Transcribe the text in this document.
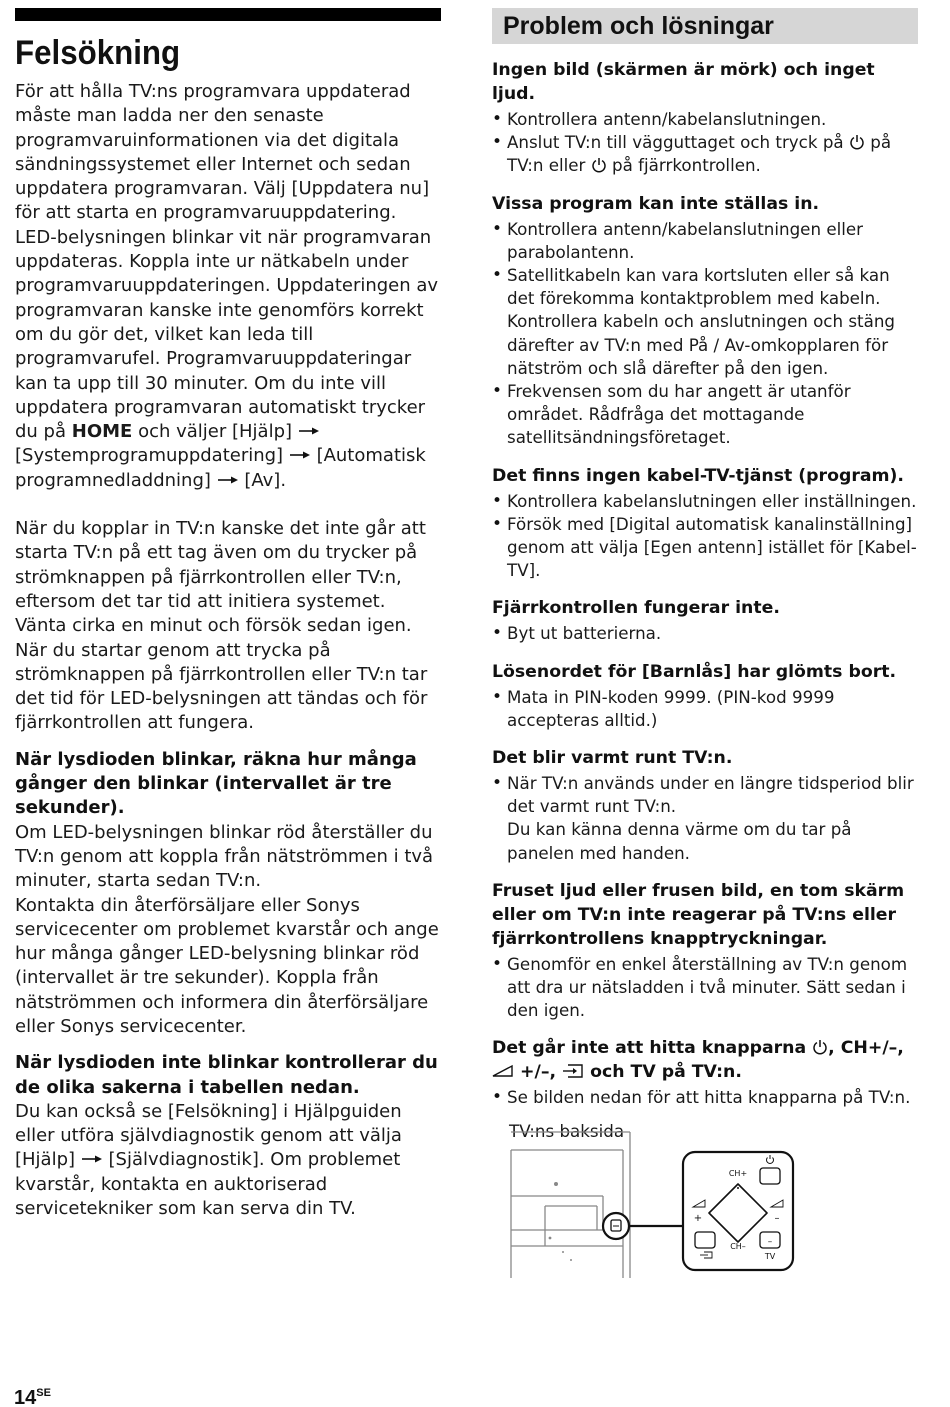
Felsökning

För att hålla TV:ns programvara uppdaterad måste man ladda ner den senaste programvaruinformationen via det digitala sändningssystemet eller Internet och sedan uppdatera programvaran. Välj [Uppdatera nu] för att starta en programvaruuppdatering. LED-belysningen blinkar vit när programvaran uppdateras. Koppla inte ur nätkabeln under programvaruuppdateringen. Uppdateringen av programvaran kanske inte genomförs korrekt om du gör det, vilket kan leda till programvarufel. Programvaruuppdateringar kan ta upp till 30 minuter. Om du inte vill uppdatera programvaran automatiskt trycker du på HOME och väljer [Hjälp]  [Systemprogramuppdatering] [Automatisk programnedladdning] [Av].

När du kopplar in TV:n kanske det inte går att starta TV:n på ett tag även om du trycker på strömknappen på fjärrkontrollen eller TV:n, eftersom det tar tid att initiera systemet. Vänta cirka en minut och försök sedan igen. När du startar genom att trycka på strömknappen på fjärrkontrollen eller TV:n tar det tid för LED-belysningen att tändas och för fjärrkontrollen att fungera.

När lysdioden blinkar, räkna hur många gånger den blinkar (intervallet är tre sekunder).

Om LED-belysningen blinkar röd återställer du TV:n genom att koppla från nätströmmen i två minuter, starta sedan TV:n.
Kontakta din återförsäljare eller Sonys servicecenter om problemet kvarstår och ange hur många gånger LED-belysning blinkar röd (intervallet är tre sekunder). Koppla från nätströmmen och informera din återförsäljare eller Sonys servicecenter.

När lysdioden inte blinkar kontrollerar du de olika sakerna i tabellen nedan.

Du kan också se [Felsökning] i Hjälpguiden eller utföra självdiagnostik genom att välja [Hjälp] [Självdiagnostik]. Om problemet kvarstår, kontakta en auktoriserad servicetekniker som kan serva din TV.

Problem och lösningar
Ingen bild (skärmen är mörk) och inget ljud.
• Kontrollera antenn/kabelanslutningen.
• Anslut TV:n till vägguttaget och tryck på på TV:n eller på fjärrkontrollen.
Vissa program kan inte ställas in.
• Kontrollera antenn/kabelanslutningen eller parabolantenn.
• Satellitkabeln kan vara kortsluten eller så kan det förekomma kontaktproblem med kabeln. Kontrollera kabeln och anslutningen och stäng därefter av TV:n med På / Av-omkopplaren för nätström och slå därefter på den igen.
• Frekvensen som du har angett är utanför området. Rådfråga det mottagande satellitsändningsföretaget.
Det finns ingen kabel-TV-tjänst (program).
• Kontrollera kabelanslutningen eller inställningen.
• Försök med [Digital automatisk kanalinställning] genom att välja [Egen antenn] istället för [Kabel-TV].
Fjärrkontrollen fungerar inte.
• Byt ut batterierna.
Lösenordet för [Barnlås] har glömts bort.
• Mata in PIN-koden 9999. (PIN-kod 9999 accepteras alltid.)
Det blir varmt runt TV:n.
• När TV:n används under en längre tidsperiod blir det varmt runt TV:n.
Du kan känna denna värme om du tar på panelen med handen.
Fruset ljud eller frusen bild, en tom skärm eller om TV:n inte reagerar på TV:ns eller fjärrkontrollens knapptryckningar.
• Genomför en enkel återställning av TV:n genom att dra ur nätsladden i två minuter. Sätt sedan i den igen.
Det går inte att hitta knapparna , CH+/–,
+/–, och TV på TV:n.
• Se bilden nedan för att hitta knapparna på TV:n.
TV:ns baksida
CH+
+	–
–
CH–
TV
$14^{SE}$
